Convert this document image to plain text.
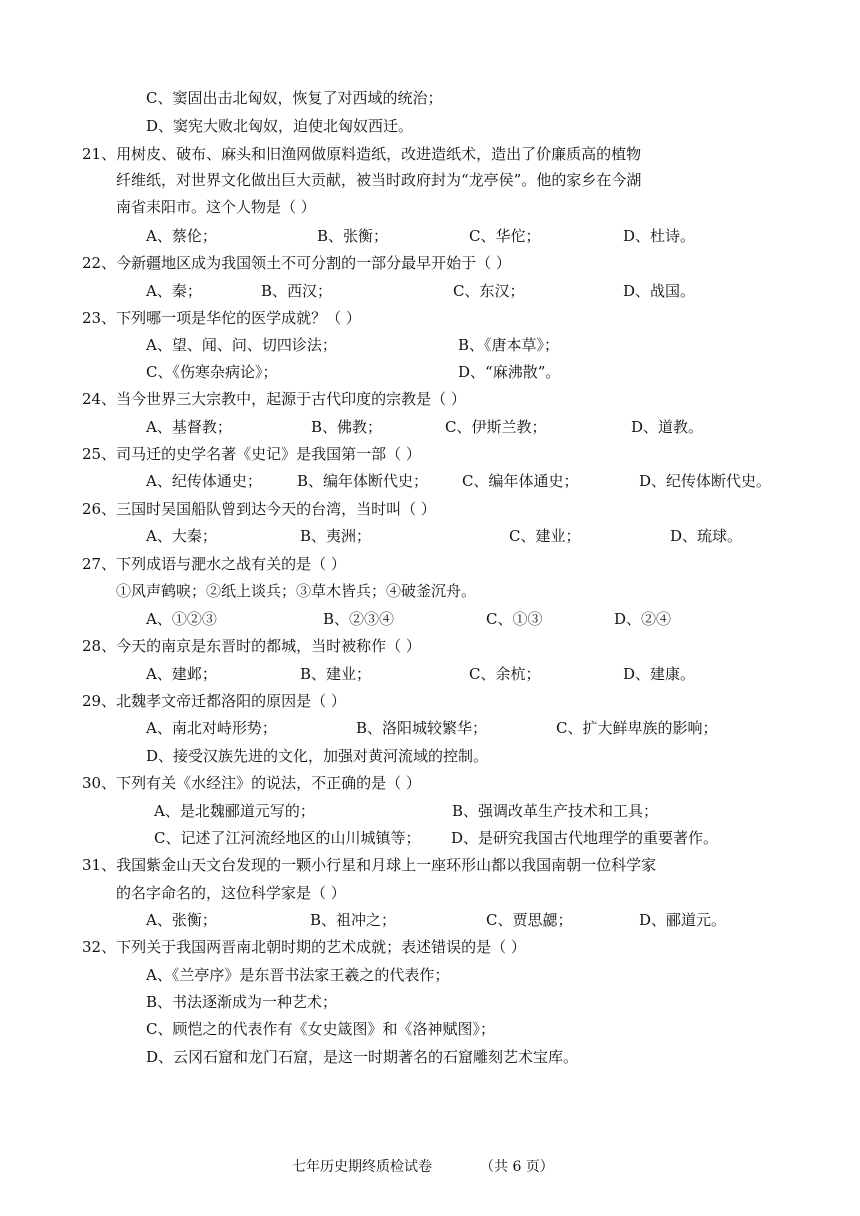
C、窦固出击北匈奴，恢复了对西域的统治；
D、窦宪大败北匈奴，迫使北匈奴西迁。
21、用树皮、破布、麻头和旧渔网做原料造纸，改进造纸术，造出了价廉质高的植物
纤维纸，对世界文化做出巨大贡献，被当时政府封为“龙亭侯”。他的家乡在今湖
南省耒阳市。这个人物是（ ）
A、蔡伦；	B、张衡；	C、华佗；	D、杜诗。
22、今新疆地区成为我国领土不可分割的一部分最早开始于（ ）
A、秦；	B、西汉；	C、东汉；	D、战国。
23、下列哪一项是华佗的医学成就？（ ）
A、望、闻、问、切四诊法；	B、《唐本草》；
C、《伤寒杂病论》；	D、“麻沸散”。
24、当今世界三大宗教中，起源于古代印度的宗教是（ ）
A、基督教；	B、佛教；	C、伊斯兰教；	D、道教。
25、司马迁的史学名著《史记》是我国第一部（ ）
A、纪传体通史； B、编年体断代史； C、编年体通史；	D、纪传体断代史。
26、三国时吴国船队曾到达今天的台湾，当时叫（ ）
A、大秦；	B、夷洲；	C、建业；	D、琉球。
27、下列成语与淝水之战有关的是（ ）
①风声鹤唳；②纸上谈兵；③草木皆兵；④破釜沉舟。
A、①②③	B、②③④	C、①③	D、②④
28、今天的南京是东晋时的都城，当时被称作（ ）
A、建邺；	B、建业；	C、余杭；	D、建康。
29、北魏孝文帝迁都洛阳的原因是（ ）
A、南北对峙形势；	B、洛阳城较繁华；	C、扩大鲜卑族的影响；
D、接受汉族先进的文化，加强对黄河流域的控制。
30、下列有关《水经注》的说法，不正确的是（ ）
A、是北魏郦道元写的；	B、强调改革生产技术和工具；
C、记述了江河流经地区的山川城镇等； D、是研究我国古代地理学的重要著作。
31、我国紫金山天文台发现的一颗小行星和月球上一座环形山都以我国南朝一位科学家
的名字命名的，这位科学家是（ ）
A、张衡；	B、祖冲之；	C、贾思勰；	D、郦道元。
32、下列关于我国两晋南北朝时期的艺术成就；表述错误的是（ ）
A、《兰亭序》是东晋书法家王羲之的代表作；
B、书法逐渐成为一种艺术；
C、顾恺之的代表作有《女史箴图》和《洛神赋图》；
D、云冈石窟和龙门石窟，是这一时期著名的石窟雕刻艺术宝库。
七年历史期终质检试卷	（共 6 页）
